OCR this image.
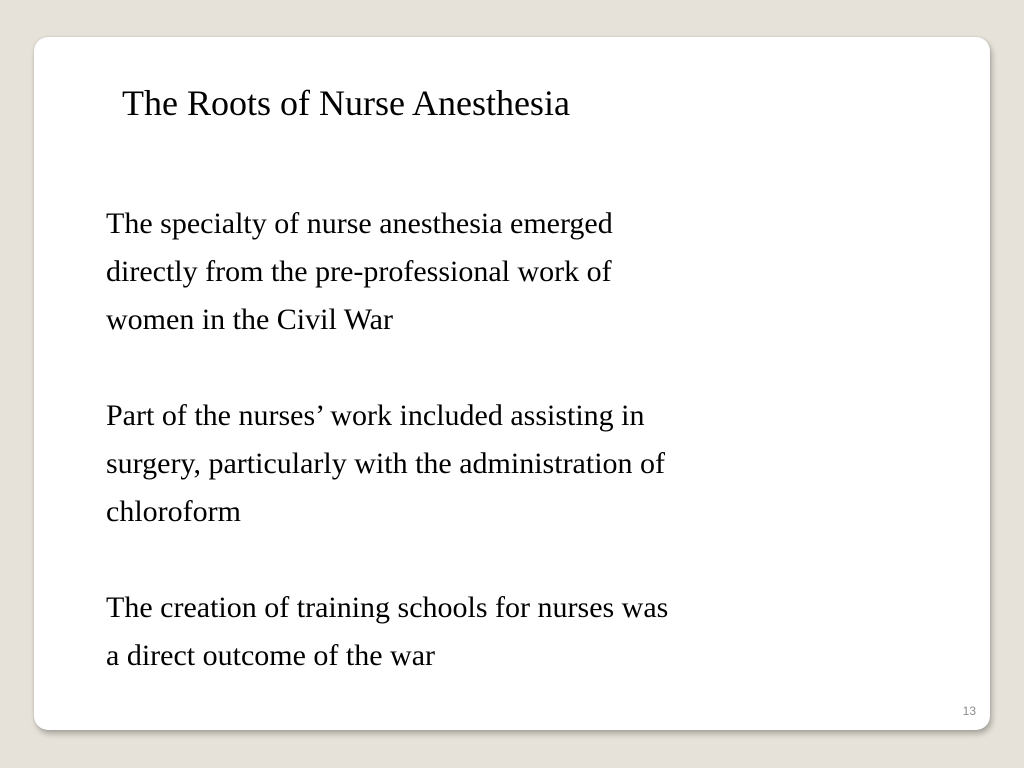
The Roots of Nurse Anesthesia

The specialty of nurse anesthesia emerged
directly from the pre-professional work of
women in the Civil War

Part of the nurses’ work included assisting in
surgery, particularly with the administration of
chloroform

The creation of training schools for nurses was
a direct outcome of the war

13
